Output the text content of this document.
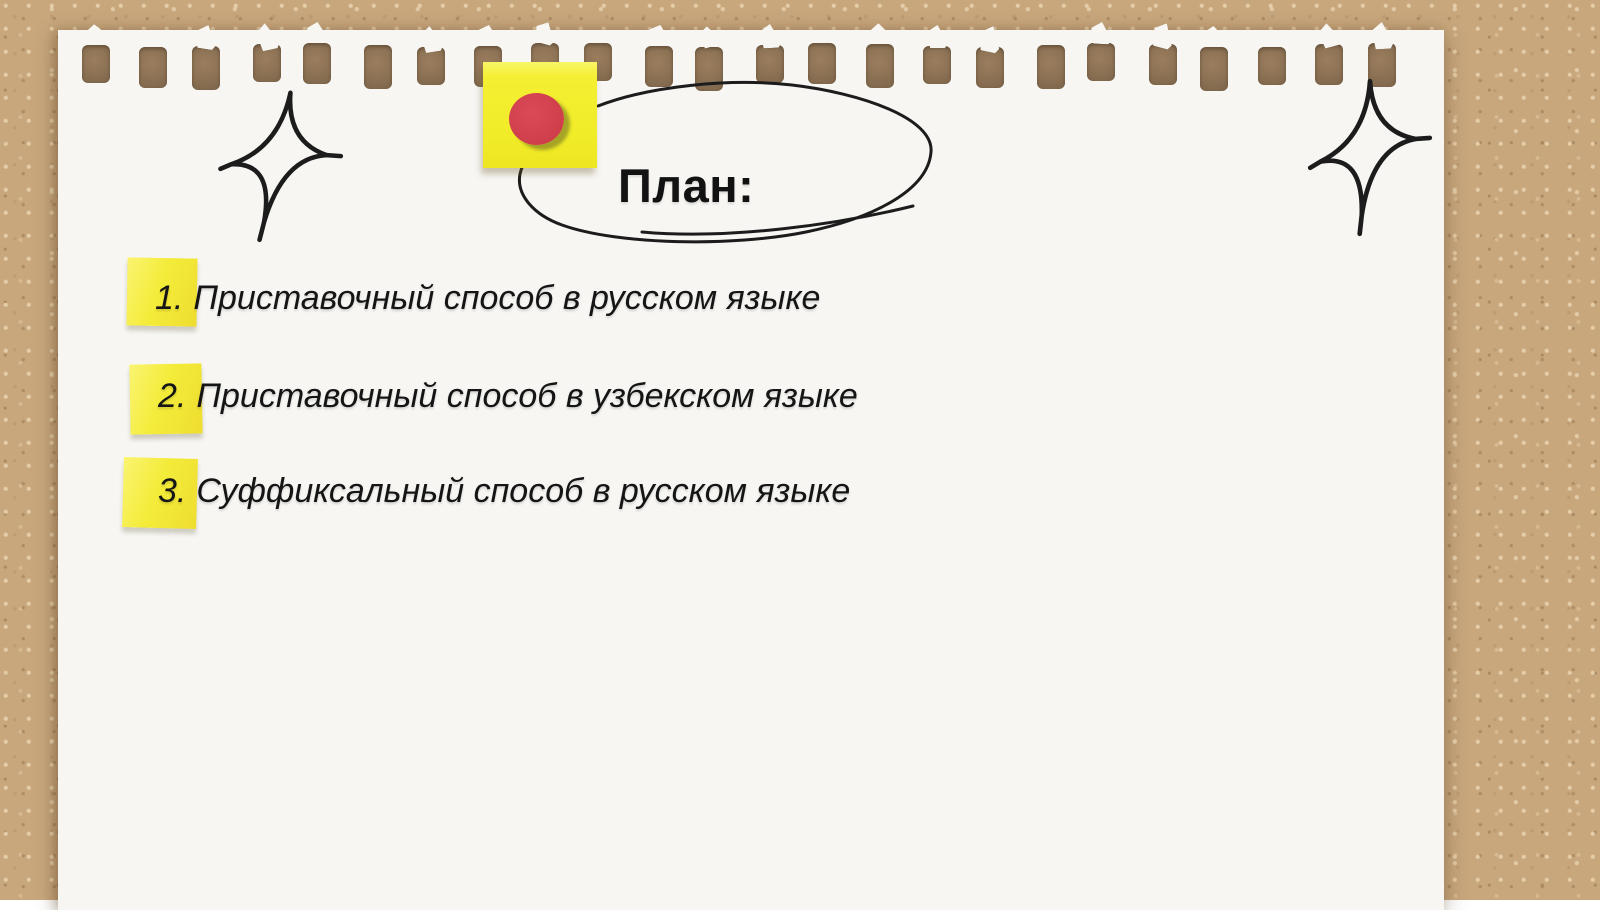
План:
1. Приставочный способ в русском языке
2. Приставочный способ в узбекском языке
3. Суффиксальный способ в русском языке
